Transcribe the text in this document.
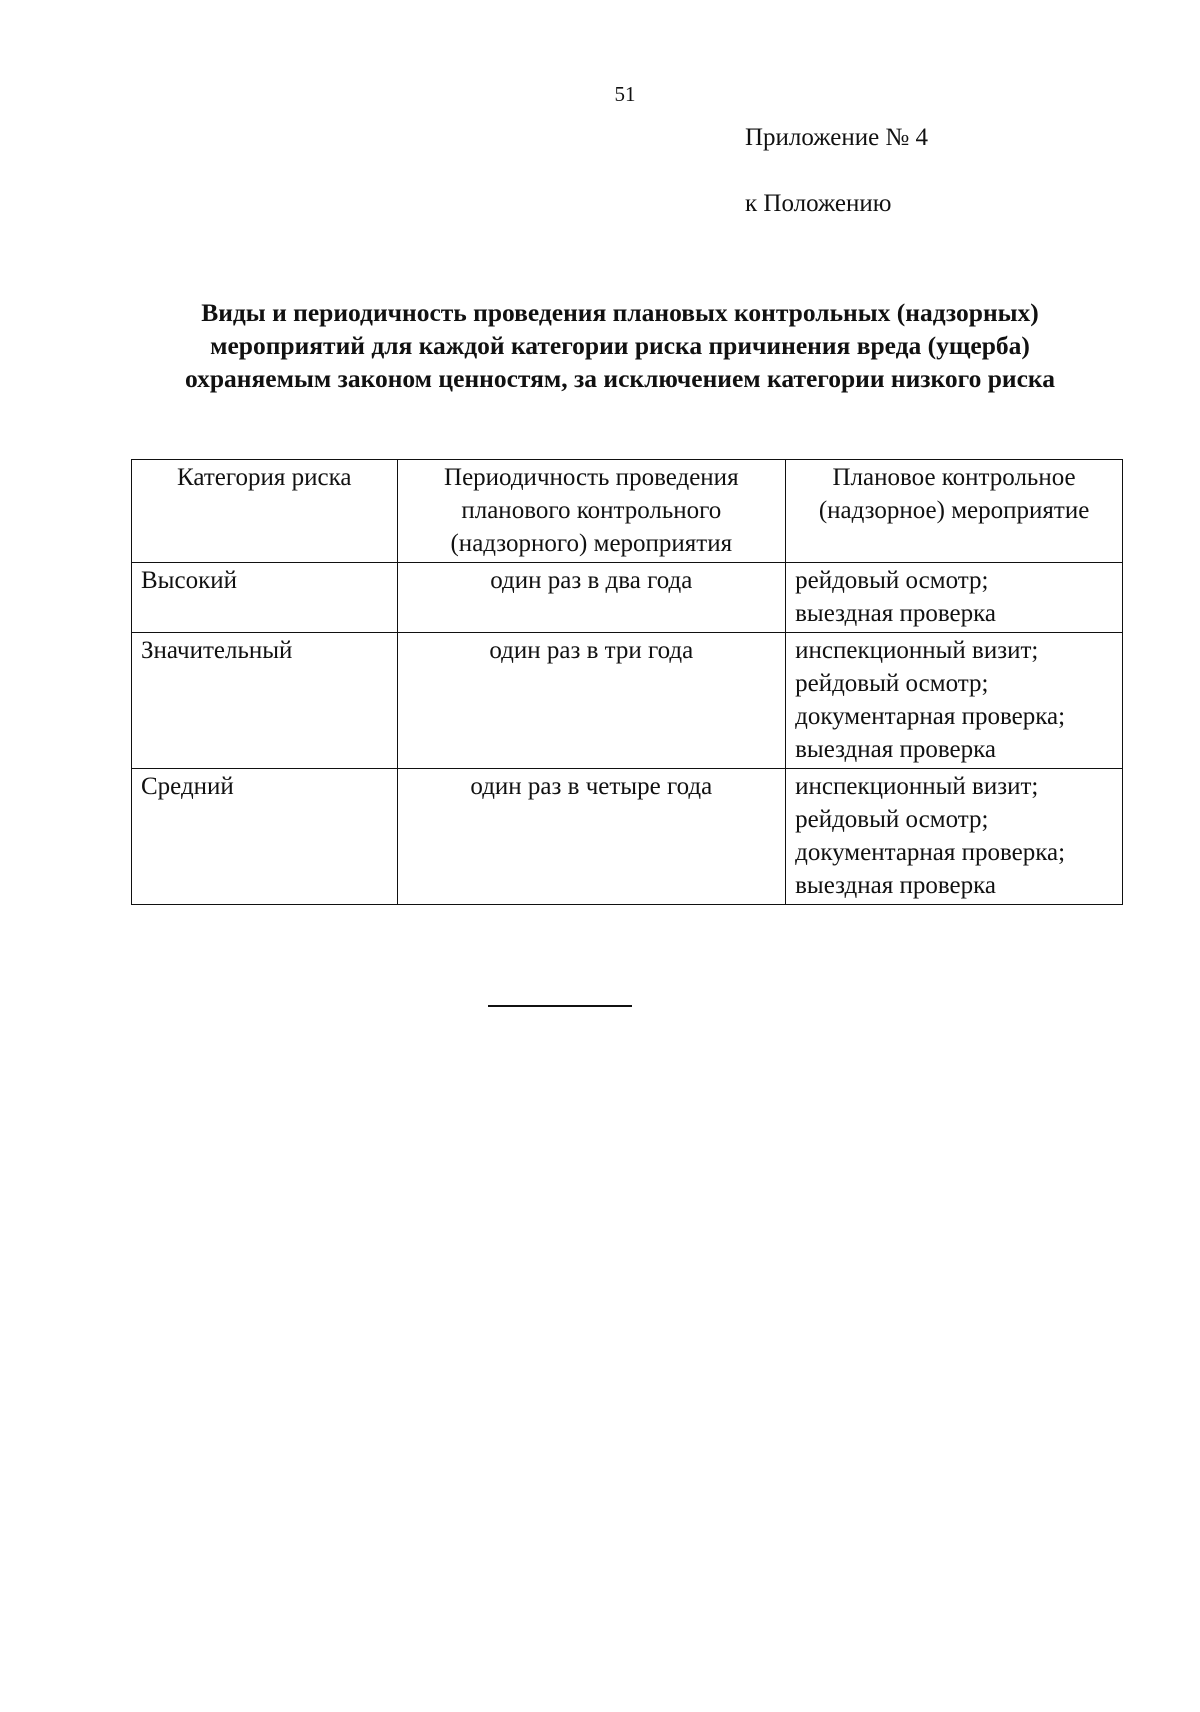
51
Приложение № 4
к Положению
Виды и периодичность проведения плановых контрольных (надзорных)
мероприятий для каждой категории риска причинения вреда (ущерба)
охраняемым законом ценностям, за исключением категории низкого риска
Категория риска	Периодичность проведения
планового контрольного
(надзорного) мероприятия	Плановое контрольное
(надзорное) мероприятие

Высокий	один раз в два года	рейдовый осмотр;
выездная проверка

Значительный	один раз в три года	инспекционный визит;
рейдовый осмотр;
документарная проверка;
выездная проверка

Средний	один раз в четыре года	инспекционный визит;
рейдовый осмотр;
документарная проверка;
выездная проверка
